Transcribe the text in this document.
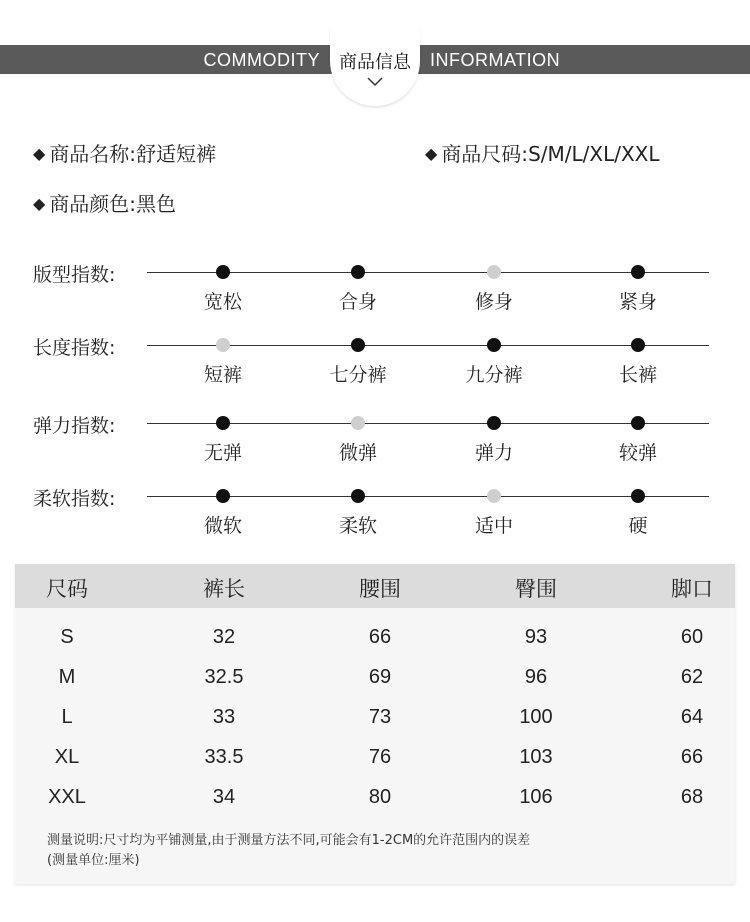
COMMODITY	INFORMATION
商品信息
◆ 商品名称:舒适短裤	◆ 商品尺码:S/M/L/XL/XXL
◆ 商品颜色:黑色
版型指数:
宽松	合身	修身	紧身
长度指数:
短裤	七分裤	九分裤	长裤
弹力指数:
无弹	微弹	弹力	较弹
柔软指数:
微软	柔软	适中	硬
尺码	裤长	腰围	臀围	脚口
S	32	66	93	60
M	32.5	69	96	62
L	33	73	100	64
XL	33.5	76	103	66
XXL	34	80	106	68
测量说明:尺寸均为平铺测量,由于测量方法不同,可能会有1-2CM的允许范围内的误差
(测量单位:厘米)
